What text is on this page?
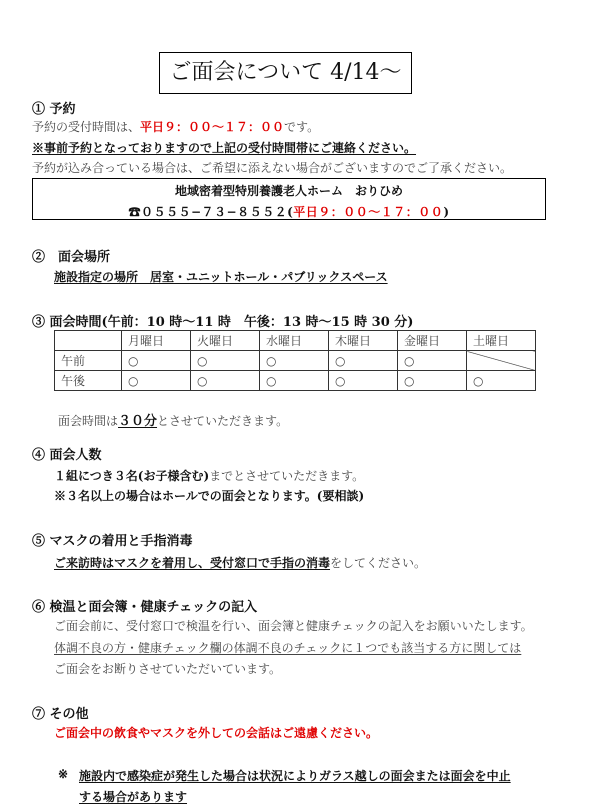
ご面会について 4/14〜
① 予約
予約の受付時間は、平日９：００〜１７：００です。
※事前予約となっておりますので上記の受付時間帯にご連絡ください。
予約が込み合っている場合は、ご希望に添えない場合がございますのでご了承ください。
地域密着型特別養護老人ホーム　おりひめ
☎０５５５−７３−８５５２(平日９：００〜１７：００)
②　面会場所
施設指定の場所　居室・ユニットホール・パブリックスペース
③ 面会時間(午前：10 時〜11 時　午後：13 時〜15 時 30 分)
	月曜日	火曜日	水曜日	木曜日	金曜日	土曜日
午前	○	○	○	○	○	
午後	○	○	○	○	○	○
面会時間は３０分とさせていただきます。
④ 面会人数
１組につき３名(お子様含む)までとさせていただきます。
※３名以上の場合はホールでの面会となります。(要相談)
⑤ マスクの着用と手指消毒
ご来訪時はマスクを着用し、受付窓口で手指の消毒をしてください。
⑥ 検温と面会簿・健康チェックの記入
ご面会前に、受付窓口で検温を行い、面会簿と健康チェックの記入をお願いいたします。
体調不良の方・健康チェック欄の体調不良のチェックに１つでも該当する方に関しては
ご面会をお断りさせていただいています。
⑦ その他
ご面会中の飲食やマスクを外しての会話はご遠慮ください。
※ 施設内で感染症が発生した場合は状況によりガラス越しの面会または面会を中止
する場合があります
